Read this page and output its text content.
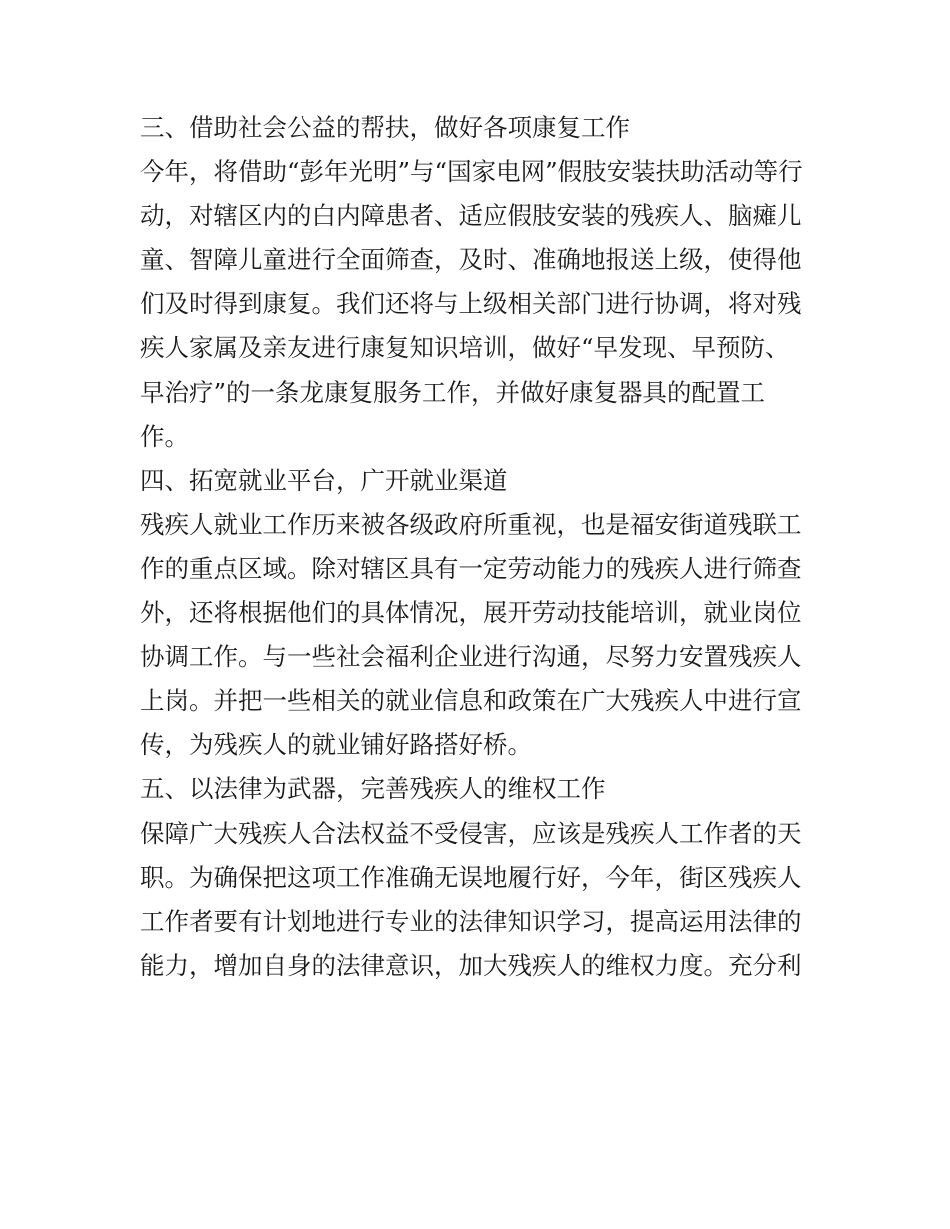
三、借助社会公益的帮扶，做好各项康复工作
今年，将借助“彭年光明”与“国家电网”假肢安装扶助活动等行
动，对辖区内的白内障患者、适应假肢安装的残疾人、脑瘫儿
童、智障儿童进行全面筛查，及时、准确地报送上级，使得他
们及时得到康复。我们还将与上级相关部门进行协调，将对残
疾人家属及亲友进行康复知识培训，做好“早发现、早预防、
早治疗”的一条龙康复服务工作，并做好康复器具的配置工
作。
四、拓宽就业平台，广开就业渠道
残疾人就业工作历来被各级政府所重视，也是福安街道残联工
作的重点区域。除对辖区具有一定劳动能力的残疾人进行筛查
外，还将根据他们的具体情况，展开劳动技能培训，就业岗位
协调工作。与一些社会福利企业进行沟通，尽努力安置残疾人
上岗。并把一些相关的就业信息和政策在广大残疾人中进行宣
传，为残疾人的就业铺好路搭好桥。
五、以法律为武器，完善残疾人的维权工作
保障广大残疾人合法权益不受侵害，应该是残疾人工作者的天
职。为确保把这项工作准确无误地履行好，今年，街区残疾人
工作者要有计划地进行专业的法律知识学习，提高运用法律的
能力，增加自身的法律意识，加大残疾人的维权力度。充分利
